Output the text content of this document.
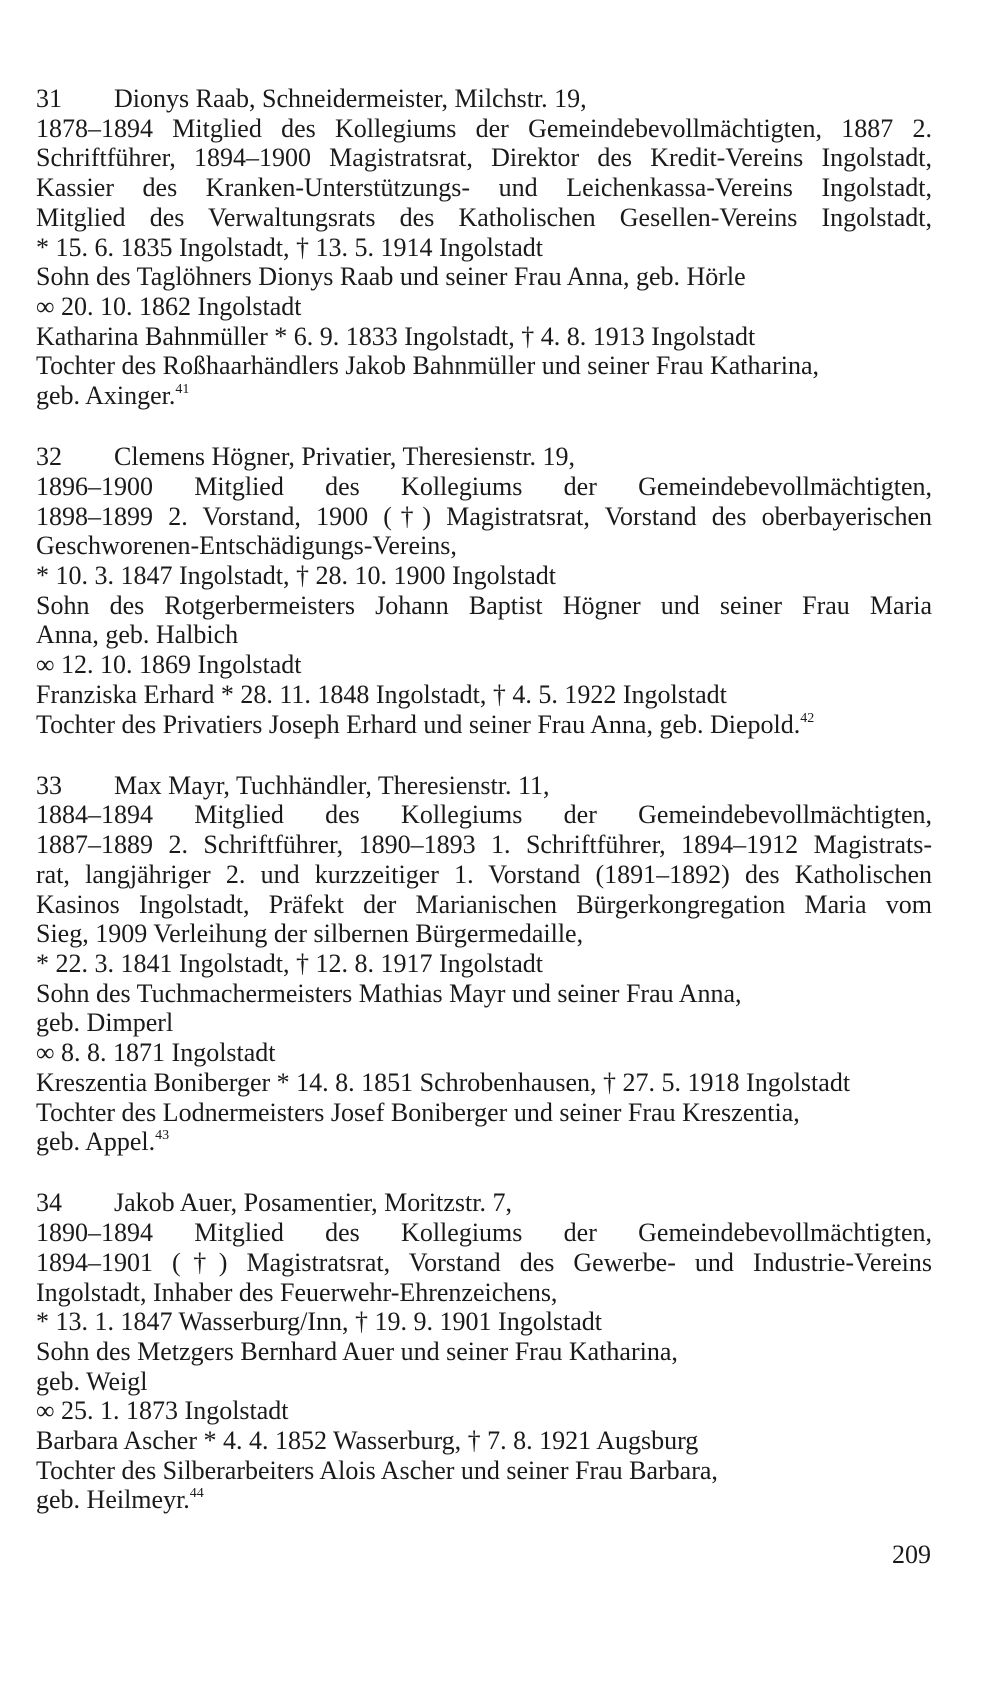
31 Dionys Raab, Schneidermeister, Milchstr. 19,
1878–1894 Mitglied des Kollegiums der Gemeindebevollmächtigten, 1887 2.
Schriftführer, 1894–1900 Magistratsrat, Direktor des Kredit-Vereins Ingolstadt,
Kassier des Kranken-Unterstützungs- und Leichenkassa-Vereins Ingolstadt,
Mitglied des Verwaltungsrats des Katholischen Gesellen-Vereins Ingolstadt,
* 15. 6. 1835 Ingolstadt, † 13. 5. 1914 Ingolstadt
Sohn des Taglöhners Dionys Raab und seiner Frau Anna, geb. Hörle
∞ 20. 10. 1862 Ingolstadt
Katharina Bahnmüller * 6. 9. 1833 Ingolstadt, † 4. 8. 1913 Ingolstadt
Tochter des Roßhaarhändlers Jakob Bahnmüller und seiner Frau Katharina,
geb. Axinger.$^{41}$
32 Clemens Högner, Privatier, Theresienstr. 19,
1896–1900 Mitglied des Kollegiums der Gemeindebevollmächtigten,
1898–1899 2. Vorstand, 1900 (†) Magistratsrat, Vorstand des oberbayerischen
Geschworenen-Entschädigungs-Vereins,
* 10. 3. 1847 Ingolstadt, † 28. 10. 1900 Ingolstadt
Sohn des Rotgerbermeisters Johann Baptist Högner und seiner Frau Maria
Anna, geb. Halbich
∞ 12. 10. 1869 Ingolstadt
Franziska Erhard * 28. 11. 1848 Ingolstadt, † 4. 5. 1922 Ingolstadt
Tochter des Privatiers Joseph Erhard und seiner Frau Anna, geb. Diepold.$^{42}$
33 Max Mayr, Tuchhändler, Theresienstr. 11,
1884–1894 Mitglied des Kollegiums der Gemeindebevollmächtigten,
1887–1889 2. Schriftführer, 1890–1893 1. Schriftführer, 1894–1912 Magistrats-
rat, langjähriger 2. und kurzzeitiger 1. Vorstand (1891–1892) des Katholischen
Kasinos Ingolstadt, Präfekt der Marianischen Bürgerkongregation Maria vom
Sieg, 1909 Verleihung der silbernen Bürgermedaille,
* 22. 3. 1841 Ingolstadt, † 12. 8. 1917 Ingolstadt
Sohn des Tuchmachermeisters Mathias Mayr und seiner Frau Anna,
geb. Dimperl
∞ 8. 8. 1871 Ingolstadt
Kreszentia Boniberger * 14. 8. 1851 Schrobenhausen, † 27. 5. 1918 Ingolstadt
Tochter des Lodnermeisters Josef Boniberger und seiner Frau Kreszentia,
geb. Appel.$^{43}$
34 Jakob Auer, Posamentier, Moritzstr. 7,
1890–1894 Mitglied des Kollegiums der Gemeindebevollmächtigten,
1894–1901 (†) Magistratsrat, Vorstand des Gewerbe- und Industrie-Vereins
Ingolstadt, Inhaber des Feuerwehr-Ehrenzeichens,
* 13. 1. 1847 Wasserburg/Inn, † 19. 9. 1901 Ingolstadt
Sohn des Metzgers Bernhard Auer und seiner Frau Katharina,
geb. Weigl
∞ 25. 1. 1873 Ingolstadt
Barbara Ascher * 4. 4. 1852 Wasserburg, † 7. 8. 1921 Augsburg
Tochter des Silberarbeiters Alois Ascher und seiner Frau Barbara,
geb. Heilmeyr.$^{44}$
209
